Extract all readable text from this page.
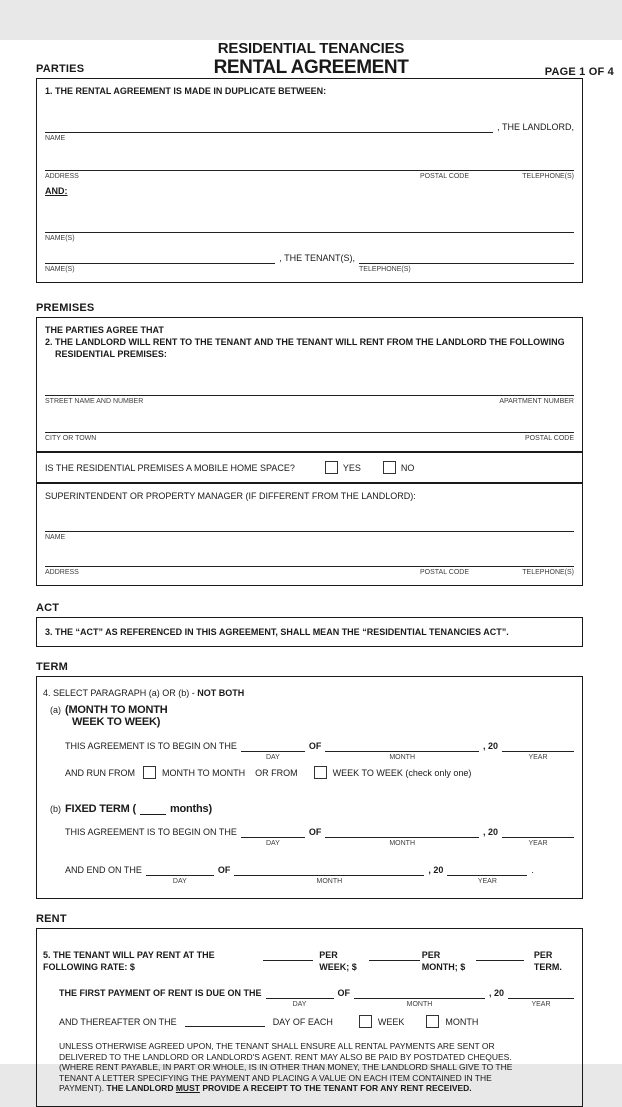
PAGE 1 OF 4
RESIDENTIAL TENANCIES
RENTAL AGREEMENT
PARTIES
1. THE RENTAL AGREEMENT IS MADE IN DUPLICATE BETWEEN:
NAME
, THE LANDLORD,
ADDRESS	POSTAL CODE	TELEPHONE(S)
AND:
NAME(S)
NAME(S)
, THE TENANT(S),
TELEPHONE(S)
PREMISES
THE PARTIES AGREE THAT
2. THE LANDLORD WILL RENT TO THE TENANT AND THE TENANT WILL RENT FROM THE LANDLORD THE FOLLOWING RESIDENTIAL PREMISES:
STREET NAME AND NUMBER	APARTMENT NUMBER
CITY OR TOWN	POSTAL CODE
IS THE RESIDENTIAL PREMISES A MOBILE HOME SPACE?	YES	NO
SUPERINTENDENT OR PROPERTY MANAGER (IF DIFFERENT FROM THE LANDLORD):
NAME
ADDRESS	POSTAL CODE	TELEPHONE(S)
ACT
3. THE “ACT” AS REFERENCED IN THIS AGREEMENT, SHALL MEAN THE “RESIDENTIAL TENANCIES ACT”.
TERM
4. SELECT PARAGRAPH (a) OR (b) - NOT BOTH
(a) (MONTH TO MONTH
WEEK TO WEEK)
THIS AGREEMENT IS TO BEGIN ON THE
DAY
OF
MONTH
, 20
YEAR
AND RUN FROM	MONTH TO MONTH OR FROM	WEEK TO WEEK (check only one)
(b) FIXED TERM (	months)
THIS AGREEMENT IS TO BEGIN ON THE
DAY
OF
MONTH
, 20
YEAR
AND END ON THE
DAY
OF
MONTH
, 20
YEAR
.
RENT
5. THE TENANT WILL PAY RENT AT THE FOLLOWING RATE: $
PER WEEK; $
PER MONTH; $
PER TERM.
THE FIRST PAYMENT OF RENT IS DUE ON THE
DAY
OF
MONTH
, 20
YEAR
AND THEREAFTER ON THE	DAY OF EACH	WEEK	MONTH
UNLESS OTHERWISE AGREED UPON, THE TENANT SHALL ENSURE ALL RENTAL PAYMENTS ARE SENT OR DELIVERED TO THE LANDLORD OR LANDLORD'S AGENT. RENT MAY ALSO BE PAID BY POSTDATED CHEQUES. (WHERE RENT PAYABLE, IN PART OR WHOLE, IS IN OTHER THAN MONEY, THE LANDLORD SHALL GIVE TO THE TENANT A LETTER SPECIFYING THE PAYMENT AND PLACING A VALUE ON EACH ITEM CONTAINED IN THE PAYMENT). THE LANDLORD MUST PROVIDE A RECEIPT TO THE TENANT FOR ANY RENT RECEIVED.
